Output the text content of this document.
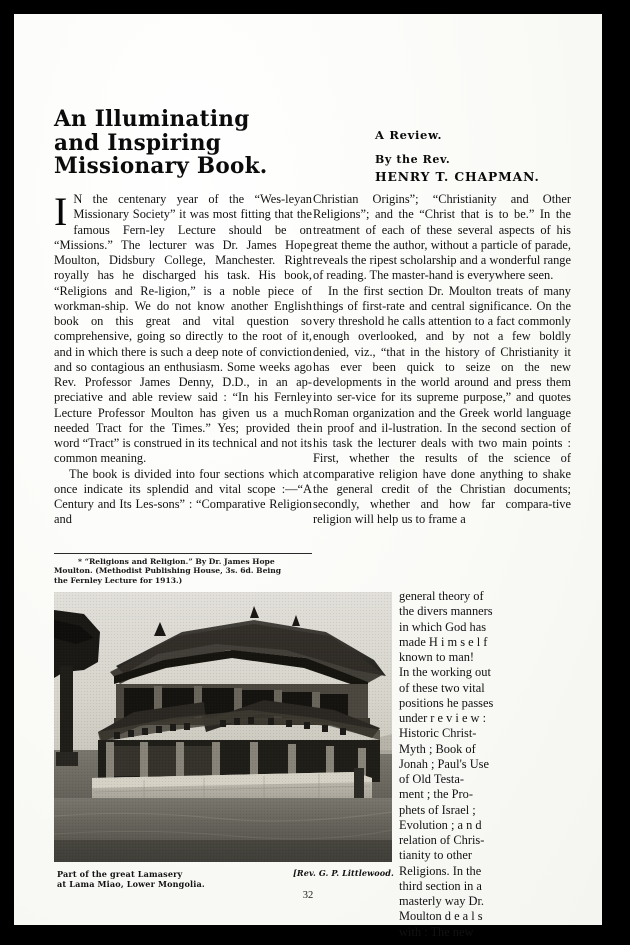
An Illuminating
and Inspiring
Missionary Book.
A Review.
By the Rev.
HENRY T. CHAPMAN.

I N the centenary year of the “Wes-leyan Missionary Society” it was most fitting that the famous Fern-ley Lecture should be on “Missions.” The lecturer was Dr. James Hope Moulton, Didsbury College, Manchester. Right royally has he discharged his task. His book, “Religions and Re-ligion,” is a noble piece of workman-ship. We do not know another English book on this great and vital question so comprehensive, going so directly to the root of it, and in which there is such a deep note of conviction and so contagious an enthusiasm. Some weeks ago Rev. Professor James Denny, D.D., in an ap-preciative and able review said : “In his Fernley Lecture Professor Moulton has given us a much needed Tract for the Times.” Yes; provided the word “Tract” is construed in its technical and not its common meaning.

The book is divided into four sections which at once indicate its splendid and vital scope :—“A Century and Its Les-sons” : “Comparative Religion and

* “Religions and Religion.” By Dr. James Hope
Moulton. (Methodist Publishing House, 3s. 6d. Being
the Fernley Lecture for 1913.)

Christian Origins”; “Christianity and Other Religions”; and the “Christ that is to be.” In the treatment of each of these several aspects of his great theme the author, without a particle of parade, reveals the ripest scholarship and a wonderful range of reading. The master-hand is everywhere seen.

In the first section Dr. Moulton treats of many things of first-rate and central significance. On the very threshold he calls attention to a fact commonly enough overlooked, and by not a few boldly denied, viz., “that in the history of Christianity it has ever been quick to seize on the new developments in the world around and press them into ser-vice for its supreme purpose,” and quotes Roman organization and the Greek world language in proof and il-lustration. In the second section of his task the lecturer deals with two main points : First, whether the results of the science of comparative religion have done anything to shake the general credit of the Christian documents; secondly, whether and how far compara-tive religion will help us to frame a

general theory of

the divers manners

in which God has

made H i m s e l f

known to man!

In the working out

of these two vital

positions he passes

under r e v i e w :

Historic Christ-

Myth ; Book of

Jonah ; Paul's Use

of Old Testa-

ment ; the Pro-

phets of Israel ;

Evolution ; a n d

relation of Chris-

tianity to other

Religions. In the

third section in a

masterly way Dr.

Moulton d e a l s

with : The new

Part of the great Lamasery
at Lama Miao, Lower Mongolia.
[Rev. G. P. Littlewood.
32
